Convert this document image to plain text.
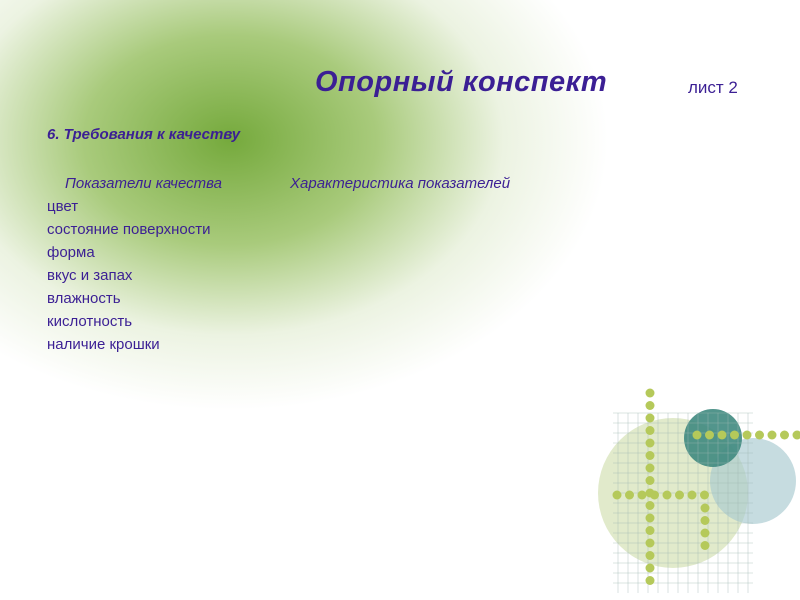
Опорный конспект	лист 2
6. Требования к качеству
Показатели качества	Характеристика показателей
цвет
состояние поверхности
форма
вкус и запах
влажность
кислотность
наличие крошки
